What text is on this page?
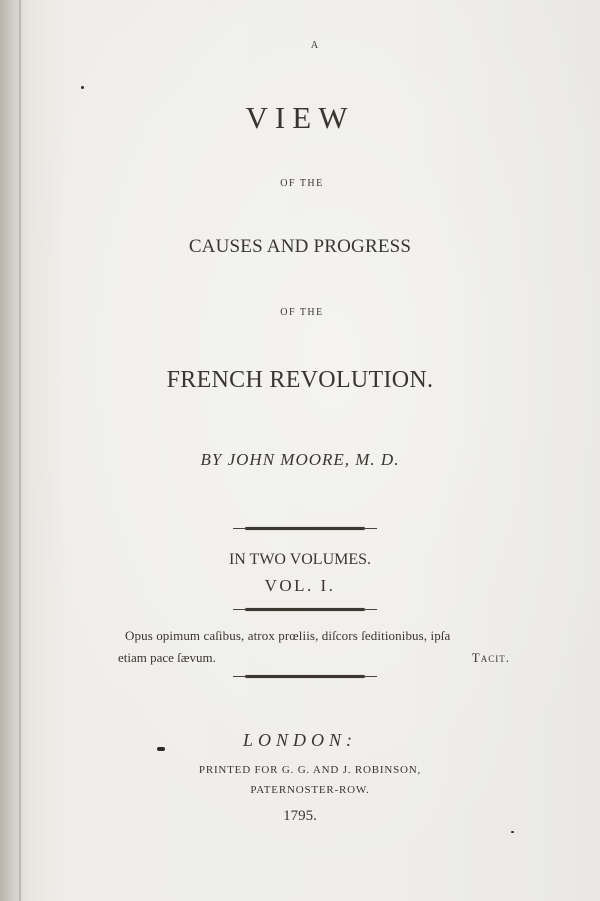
A

VIEW

OF THE

CAUSES AND PROGRESS

OF THE

FRENCH REVOLUTION.

BY JOHN MOORE, M. D.

IN TWO VOLUMES.

VOL. I.

Opus opimum caſibus, atrox prœliis, diſcors ſeditionibus, ipſa

etiam pace ſævum.	Tacit.

LONDON:

PRINTED FOR G. G. AND J. ROBINSON,

PATERNOSTER-ROW.

1795.
